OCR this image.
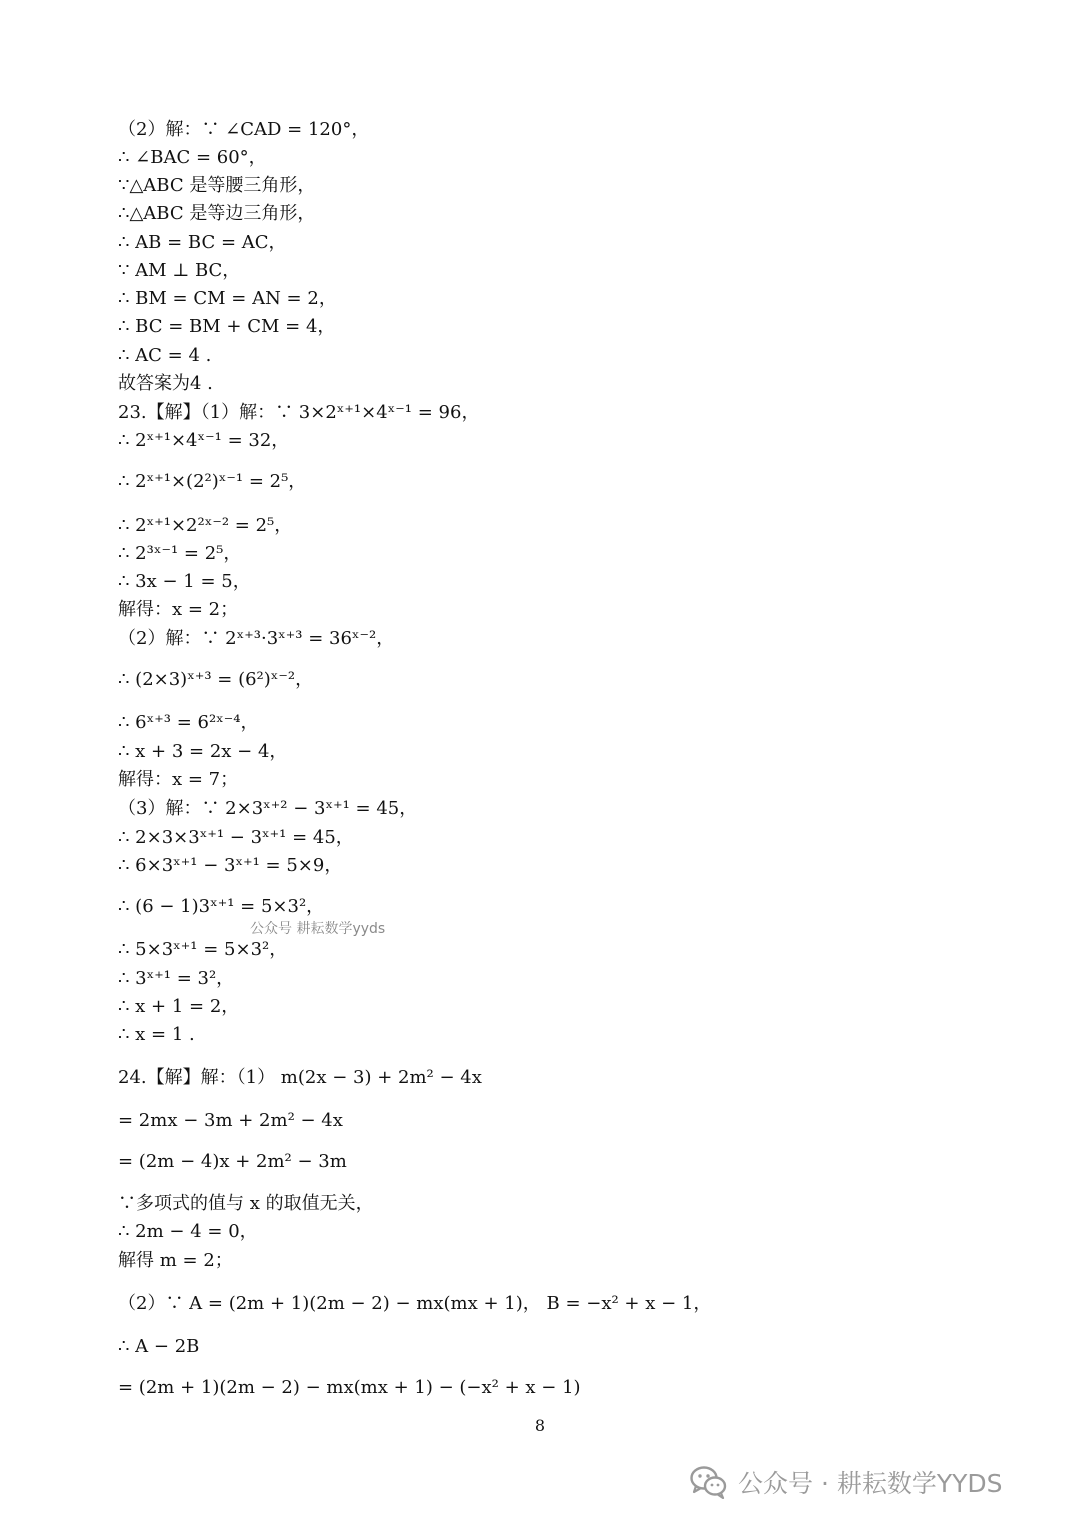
（2）解：∵ ∠CAD = 120°，
∴ ∠BAC = 60°，
∵△ABC 是等腰三角形，
∴△ABC 是等边三角形，
∴ AB = BC = AC，
∵ AM ⊥ BC，
∴ BM = CM = AN = 2，
∴ BC = BM + CM = 4，
∴ AC = 4 .
故答案为4 .
23.【解】（1）解：∵ 3×2ˣ⁺¹×4ˣ⁻¹ = 96，
∴ 2ˣ⁺¹×4ˣ⁻¹ = 32，
∴ 2ˣ⁺¹×(2²)ˣ⁻¹ = 2⁵，
∴ 2ˣ⁺¹×2²ˣ⁻² = 2⁵，
∴ 2³ˣ⁻¹ = 2⁵，
∴ 3x − 1 = 5，
解得：x = 2；
（2）解：∵ 2ˣ⁺³·3ˣ⁺³ = 36ˣ⁻²，
∴ (2×3)ˣ⁺³ = (6²)ˣ⁻²，
∴ 6ˣ⁺³ = 6²ˣ⁻⁴，
∴ x + 3 = 2x − 4，
解得：x = 7；
（3）解：∵ 2×3ˣ⁺² − 3ˣ⁺¹ = 45，
∴ 2×3×3ˣ⁺¹ − 3ˣ⁺¹ = 45，
∴ 6×3ˣ⁺¹ − 3ˣ⁺¹ = 5×9，
∴ (6 − 1)3ˣ⁺¹ = 5×3²，
∴ 5×3ˣ⁺¹ = 5×3²，
∴ 3ˣ⁺¹ = 3²，
∴ x + 1 = 2，
∴ x = 1 .
24.【解】解：（1） m(2x − 3) + 2m² − 4x
= 2mx − 3m + 2m² − 4x
= (2m − 4)x + 2m² − 3m
∵多项式的值与 x 的取值无关，
∴ 2m − 4 = 0，
解得 m = 2；
（2）∵ A = (2m + 1)(2m − 2) − mx(mx + 1)， B = −x² + x − 1，
∴ A − 2B
= (2m + 1)(2m − 2) − mx(mx + 1) − (−x² + x − 1)
公众号 耕耘数学yyds
8
公众号 · 耕耘数学YYDS
